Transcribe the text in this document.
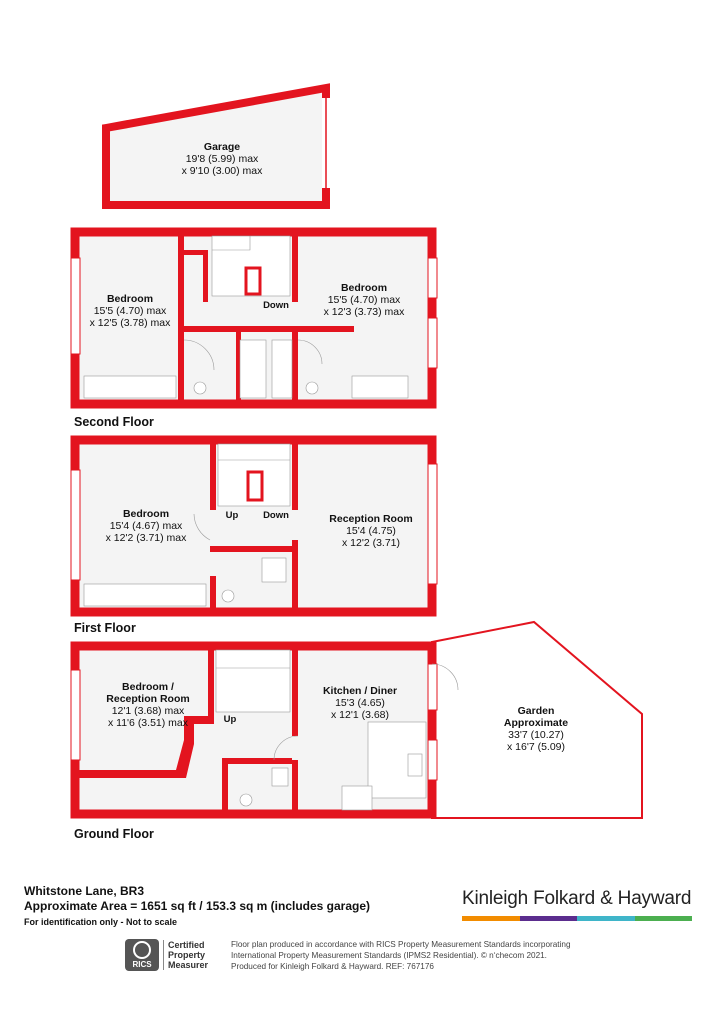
Garage
19'8 (5.99) max
x 9'10 (3.00) max
Down
Bedroom
15'5 (4.70) max
x 12'5 (3.78) max
Bedroom
15'5 (4.70) max
x 12'3 (3.73) max
Second Floor
Up	Down
Bedroom
15'4 (4.67) max
x 12'2 (3.71) max
Reception Room
15'4 (4.75)
x 12'2 (3.71)
First Floor
Up
Bedroom /
Reception Room
12'1 (3.68) max
x 11'6 (3.51) max
Kitchen / Diner
15'3 (4.65)
x 12'1 (3.68)	Garden
Approximate
33'7 (10.27)
x 16'7 (5.09)
Ground Floor
Whitstone Lane, BR3
Approximate Area = 1651 sq ft / 153.3 sq m (includes garage)
For identification only - Not to scale
Kinleigh Folkard & Hayward
RICS
Certified
Property
Measurer
Floor plan produced in accordance with RICS Property Measurement Standards incorporating
International Property Measurement Standards (IPMS2 Residential). © n‘checom 2021.
Produced for Kinleigh Folkard & Hayward. REF: 767176
